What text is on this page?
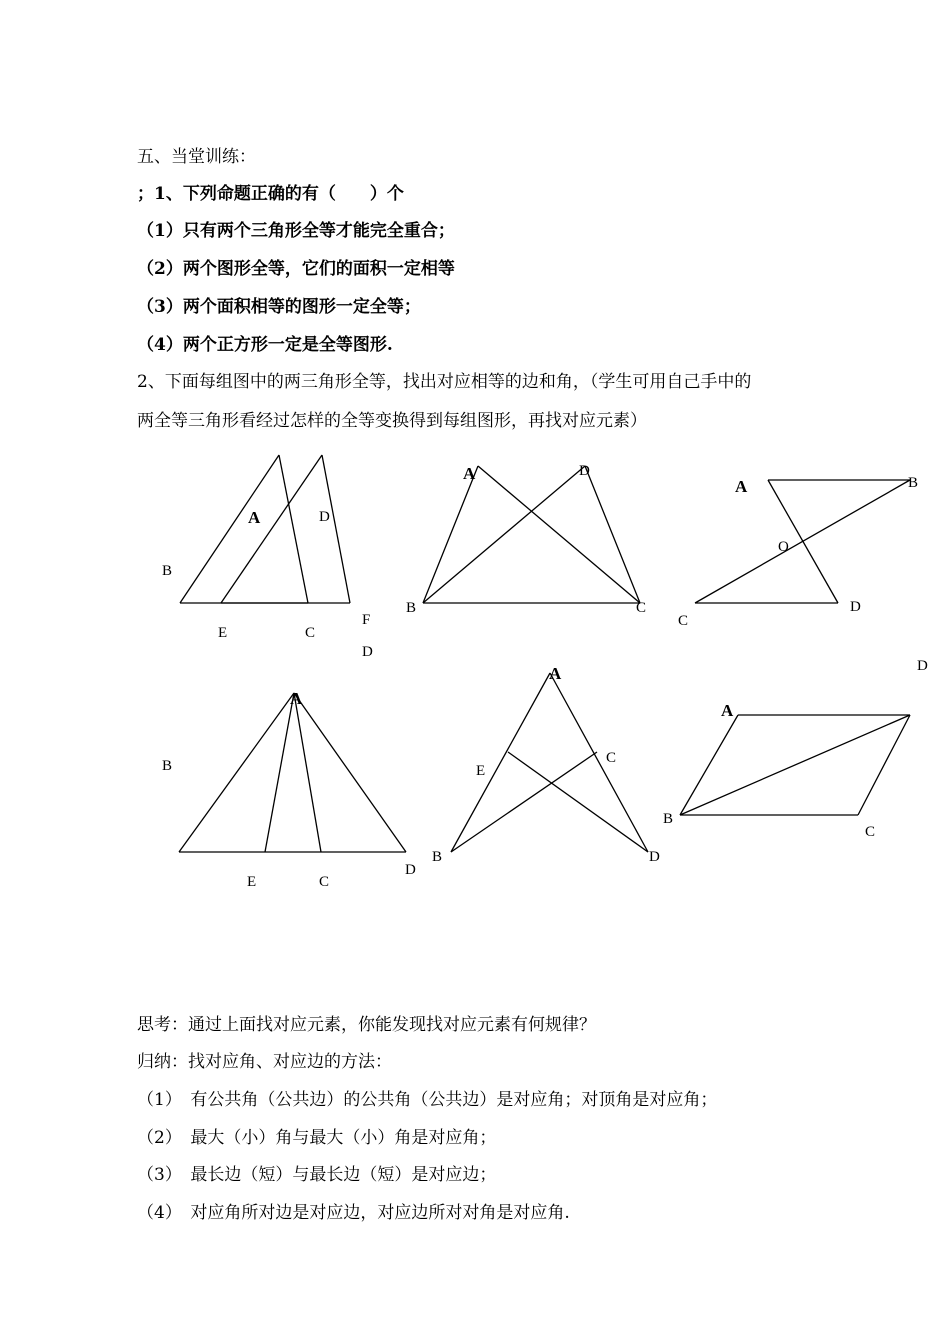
五、当堂训练：
；1、下列命题正确的有（　　）个
（1）只有两个三角形全等才能完全重合；
（2）两个图形全等，它们的面积一定相等
（3）两个面积相等的图形一定全等；
（4）两个正方形一定是全等图形.
2、下面每组图中的两三角形全等，找出对应相等的边和角，（学生可用自己手中的
两全等三角形看经过怎样的全等变换得到每组图形，再找对应元素）
A
B
D
E	C
F
A	D
B	C
A	B
O
C
D
D
A
B
E	C
D
A
E
C
B	D
D
A
B
C
思考：通过上面找对应元素，你能发现找对应元素有何规律？
归纳：找对应角、对应边的方法：
（1）　有公共角（公共边）的公共角（公共边）是对应角；对顶角是对应角；
（2）　最大（小）角与最大（小）角是对应角；
（3）　最长边（短）与最长边（短）是对应边；
（4）　对应角所对边是对应边，对应边所对对角是对应角.
